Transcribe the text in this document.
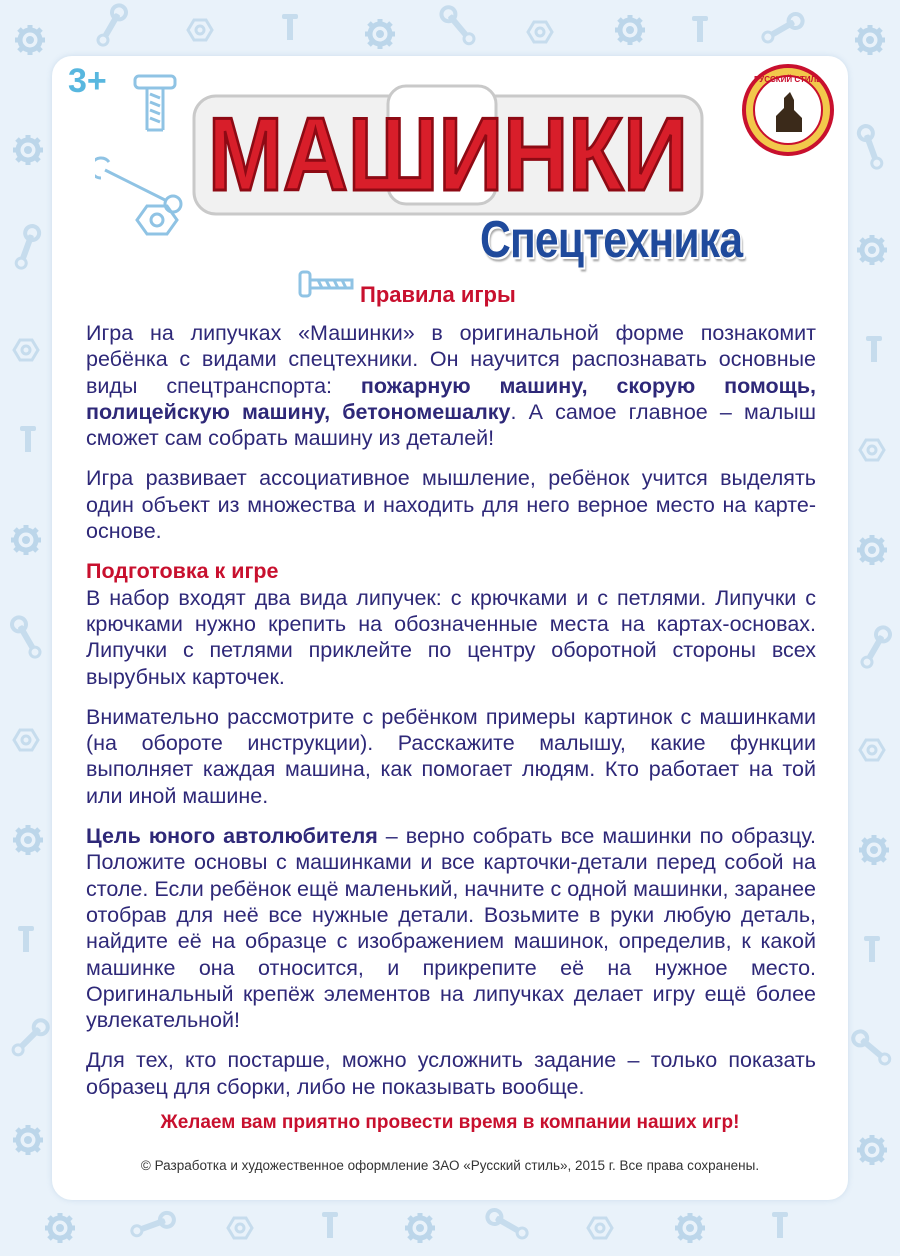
3+	РУССКИЙ СТИЛЬ
МАШИНКИ
Спецтехника
Правила игры

Игра на липучках «Машинки» в оригинальной форме познакомит ребёнка с видами спецтехники. Он научится распознавать основные виды спецтранспорта: пожарную машину, скорую помощь, полицейскую машину, бетономешалку. А самое главное – малыш сможет сам собрать машину из деталей!

Игра развивает ассоциативное мышление, ребёнок учится выделять один объект из множества и находить для него верное место на карте-основе.

Подготовка к игре

В набор входят два вида липучек: с крючками и с петлями. Липучки с крючками нужно крепить на обозначенные места на картах-основах. Липучки с петлями приклейте по центру оборотной стороны всех вырубных карточек.

Внимательно рассмотрите с ребёнком примеры картинок с машинками (на обороте инструкции). Расскажите малышу, какие функции выполняет каждая машина, как помогает людям. Кто работает на той или иной машине.

Цель юного автолюбителя – верно собрать все машинки по образцу. Положите основы с машинками и все карточки-детали перед собой на столе. Если ребёнок ещё маленький, начните с одной машинки, заранее отобрав для неё все нужные детали. Возьмите в руки любую деталь, найдите её на образце с изображением машинок, определив, к какой машинке она относится, и прикрепите её на нужное место. Оригинальный крепёж элементов на липучках делает игру ещё более увлекательной!

Для тех, кто постарше, можно усложнить задание – только показать образец для сборки, либо не показывать вообще.

Желаем вам приятно провести время в компании наших игр!
© Разработка и художественное оформление ЗАО «Русский стиль», 2015 г. Все права сохранены.
